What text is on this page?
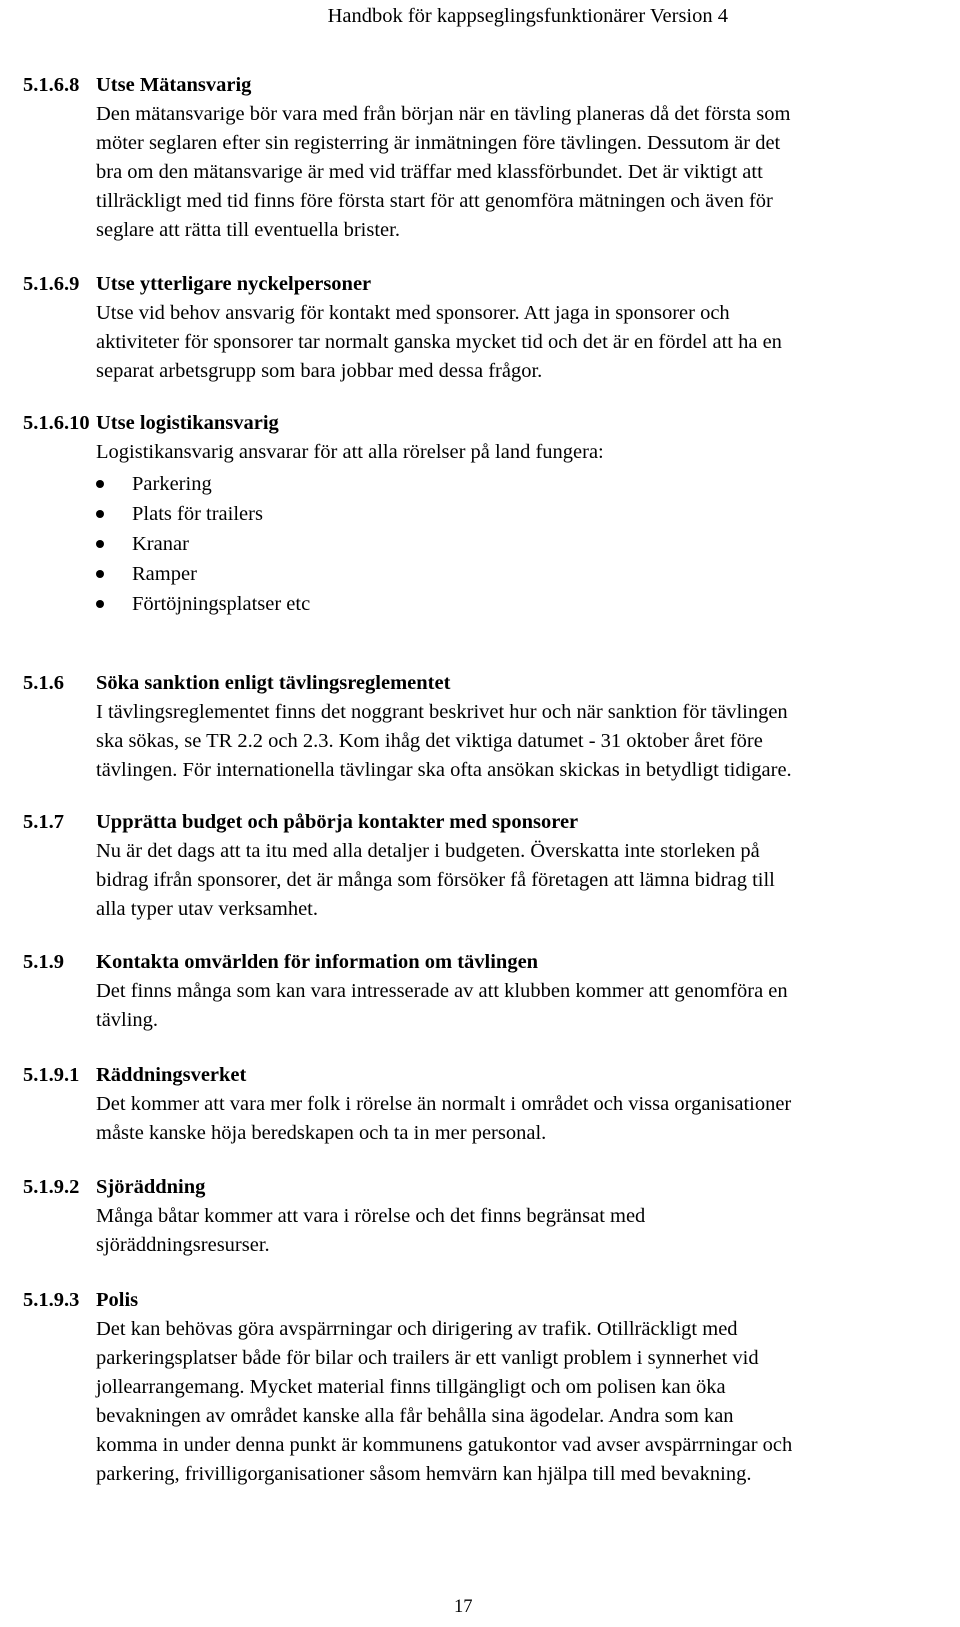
Handbok för kappseglingsfunktionärer Version 4
5.1.6.8 Utse Mätansvarig
Den mätansvarige bör vara med från början när en tävling planeras då det första som
möter seglaren efter sin registerring är inmätningen före tävlingen. Dessutom är det
bra om den mätansvarige är med vid träffar med klassförbundet. Det är viktigt att
tillräckligt med tid finns före första start för att genomföra mätningen och även för
seglare att rätta till eventuella brister.
5.1.6.9 Utse ytterligare nyckelpersoner
Utse vid behov ansvarig för kontakt med sponsorer. Att jaga in sponsorer och
aktiviteter för sponsorer tar normalt ganska mycket tid och det är en fördel att ha en
separat arbetsgrupp som bara jobbar med dessa frågor.
5.1.6.10 Utse logistikansvarig
Logistikansvarig ansvarar för att alla rörelser på land fungera:
Parkering
Plats för trailers
Kranar
Ramper
Förtöjningsplatser etc
5.1.6 Söka sanktion enligt tävlingsreglementet
I tävlingsreglementet finns det noggrant beskrivet hur och när sanktion för tävlingen
ska sökas, se TR 2.2 och 2.3. Kom ihåg det viktiga datumet - 31 oktober året före
tävlingen. För internationella tävlingar ska ofta ansökan skickas in betydligt tidigare.
5.1.7 Upprätta budget och påbörja kontakter med sponsorer
Nu är det dags att ta itu med alla detaljer i budgeten. Överskatta inte storleken på
bidrag ifrån sponsorer, det är många som försöker få företagen att lämna bidrag till
alla typer utav verksamhet.
5.1.9 Kontakta omvärlden för information om tävlingen
Det finns många som kan vara intresserade av att klubben kommer att genomföra en
tävling.
5.1.9.1 Räddningsverket
Det kommer att vara mer folk i rörelse än normalt i området och vissa organisationer
måste kanske höja beredskapen och ta in mer personal.
5.1.9.2 Sjöräddning
Många båtar kommer att vara i rörelse och det finns begränsat med
sjöräddningsresurser.
5.1.9.3 Polis
Det kan behövas göra avspärrningar och dirigering av trafik. Otillräckligt med
parkeringsplatser både för bilar och trailers är ett vanligt problem i synnerhet vid
jollearrangemang. Mycket material finns tillgängligt och om polisen kan öka
bevakningen av området kanske alla får behålla sina ägodelar. Andra som kan
komma in under denna punkt är kommunens gatukontor vad avser avspärrningar och
parkering, frivilligorganisationer såsom hemvärn kan hjälpa till med bevakning.
17
